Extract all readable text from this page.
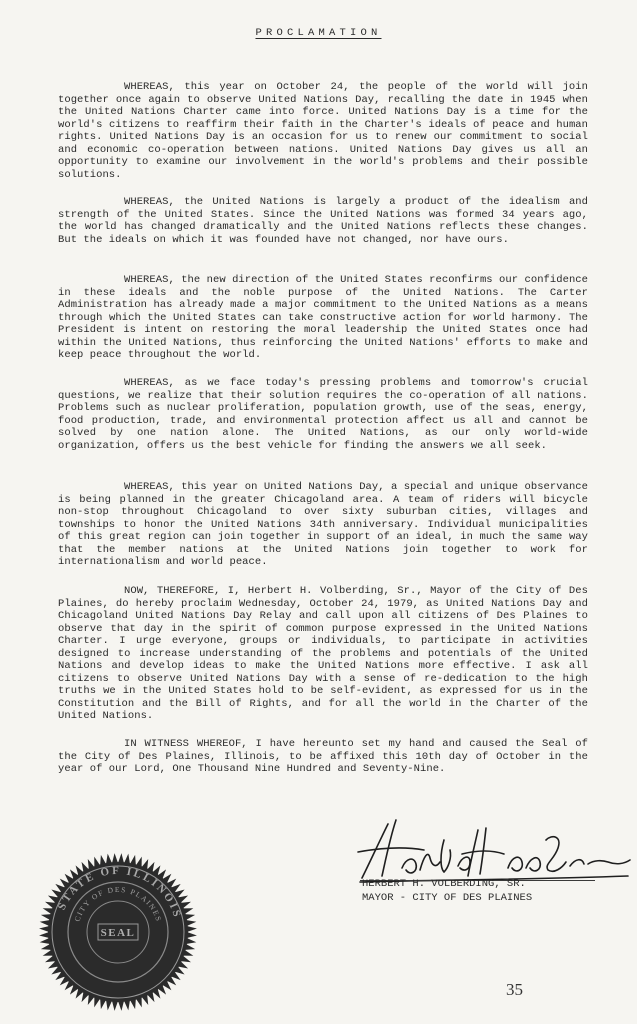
PROCLAMATION

WHEREAS, this year on October 24, the people of the world will join together once again to observe United Nations Day, recalling the date in 1945 when the United Nations Charter came into force. United Nations Day is a time for the world's citizens to reaffirm their faith in the Charter's ideals of peace and human rights. United Nations Day is an occasion for us to renew our commitment to social and economic co-operation between nations. United Nations Day gives us all an opportunity to examine our involvement in the world's problems and their possible solutions.

WHEREAS, the United Nations is largely a product of the idealism and strength of the United States. Since the United Nations was formed 34 years ago, the world has changed dramatically and the United Nations reflects these changes. But the ideals on which it was founded have not changed, nor have ours.

WHEREAS, the new direction of the United States reconfirms our confidence in these ideals and the noble purpose of the United Nations. The Carter Administration has already made a major commitment to the United Nations as a means through which the United States can take constructive action for world harmony. The President is intent on restoring the moral leadership the United States once had within the United Nations, thus reinforcing the United Nations' efforts to make and keep peace throughout the world.

WHEREAS, as we face today's pressing problems and tomorrow's crucial questions, we realize that their solution requires the co-operation of all nations. Problems such as nuclear proliferation, population growth, use of the seas, energy, food production, trade, and environmental protection affect us all and cannot be solved by one nation alone. The United Nations, as our only world-wide organization, offers us the best vehicle for finding the answers we all seek.

WHEREAS, this year on United Nations Day, a special and unique observance is being planned in the greater Chicagoland area. A team of riders will bicycle non-stop throughout Chicagoland to over sixty suburban cities, villages and townships to honor the United Nations 34th anniversary. Individual municipalities of this great region can join together in support of an ideal, in much the same way that the member nations at the United Nations join together to work for internationalism and world peace.

NOW, THEREFORE, I, Herbert H. Volberding, Sr., Mayor of the City of Des Plaines, do hereby proclaim Wednesday, October 24, 1979, as United Nations Day and Chicagoland United Nations Day Relay and call upon all citizens of Des Plaines to observe that day in the spirit of common purpose expressed in the United Nations Charter. I urge everyone, groups or individuals, to participate in activities designed to increase understanding of the problems and potentials of the United Nations and develop ideas to make the United Nations more effective. I ask all citizens to observe United Nations Day with a sense of re-dedication to the high truths we in the United States hold to be self-evident, as expressed for us in the Constitution and the Bill of Rights, and for all the world in the Charter of the United Nations.

IN WITNESS WHEREOF, I have hereunto set my hand and caused the Seal of the City of Des Plaines, Illinois, to be affixed this 10th day of October in the year of our Lord, One Thousand Nine Hundred and Seventy-Nine.

HERBERT H. VOLBERDING, SR.
MAYOR - CITY OF DES PLAINES
STATE OF ILLINOIS
CITY OF DES PLAINES
SEAL
35
